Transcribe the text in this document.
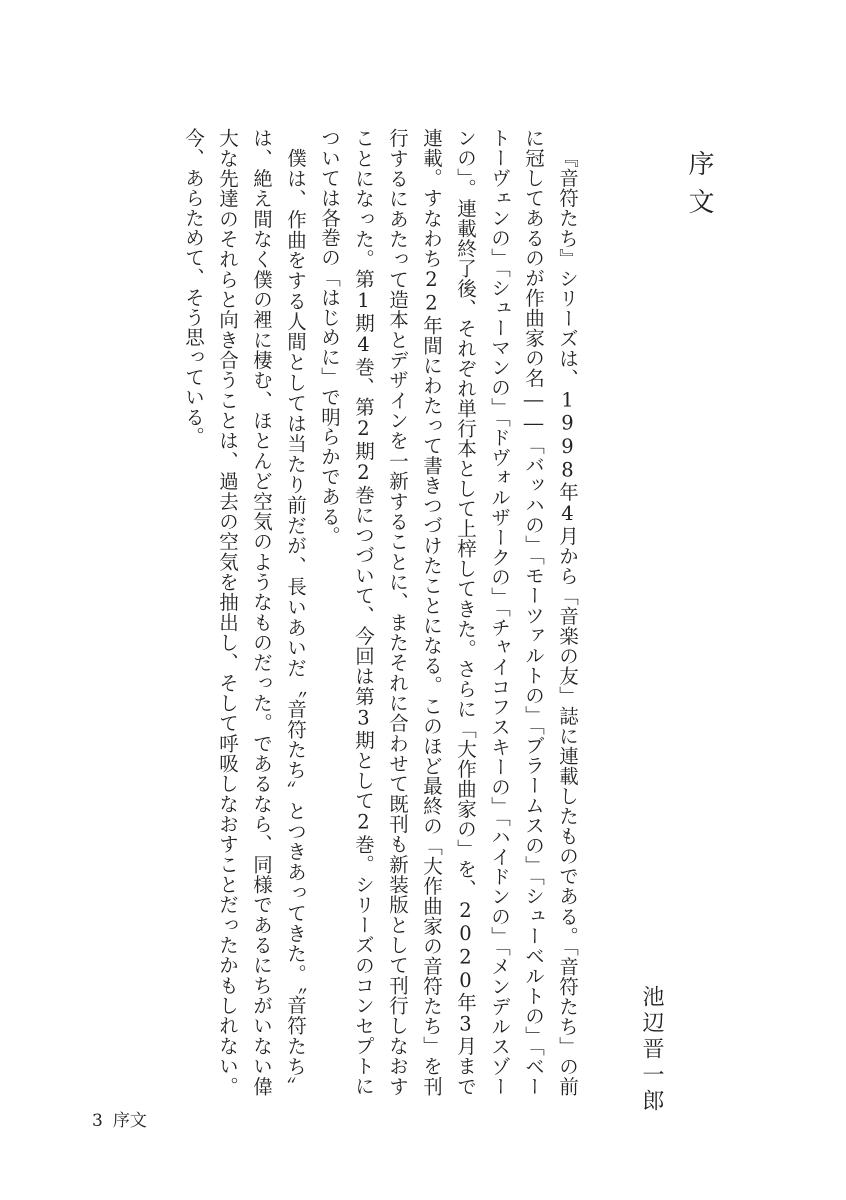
序文
池辺晋一郎

『音符たち』シリーズは、1998年4月から「音楽の友」誌に連載したものである。「音符たち」の前に冠してあるのが作曲家の名――「バッハの」「モーツァルトの」「ブラームスの」「シューベルトの」「ベートーヴェンの」「シューマンの」「ドヴォルザークの」「チャイコフスキーの」「ハイドンの」「メンデルスゾーンの」。連載終了後、それぞれ単行本として上梓してきた。さらに「大作曲家の」を、2020年3月まで連載。すなわち22年間にわたって書きつづけたことになる。このほど最終の「大作曲家の音符たち」を刊行するにあたって造本とデザインを一新することに、またそれに合わせて既刊も新装版として刊行しなおすことになった。第1期4巻、第2期2巻につづいて、今回は第3期として2巻。シリーズのコンセプトについては各巻の「はじめに」で明らかである。

僕は、作曲をする人間としては当たり前だが、長いあいだ〝音符たち〟とつきあってきた。〝音符たち〟は、絶え間なく僕の裡に棲む、ほとんど空気のようなものだった。であるなら、同様であるにちがいない偉大な先達のそれらと向き合うことは、過去の空気を抽出し、そして呼吸しなおすことだったかもしれない。今、あらためて、そう思っている。

3 序文
